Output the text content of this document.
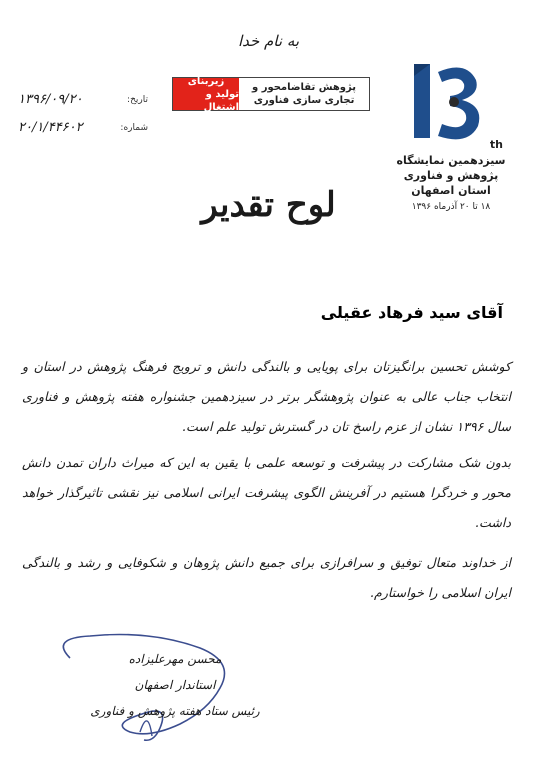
به نام خدا
th
سیزدهمین نمایشگاه
پژوهش و فناوری
استان اصفهان
۱۸ تا ۲۰ آذرماه ۱۳۹۶
زیربنای
تولید و اشتغال
پژوهش تقاضامحور و
تجاری سازی فناوری
تاریخ:
۱۳۹۶/۰۹/۲۰
شماره:
۲۰/۱/۴۴۶۰۲
لوح تقدیر
آقای سید فرهاد عقیلی

کوشش تحسین برانگیزتان برای پویایی و بالندگی دانش و ترویج فرهنگ پژوهش در استان و انتخاب جناب عالی به عنوان پژوهشگر برتر در سیزدهمین جشنواره هفته پژوهش و فناوری سال ۱۳۹۶ نشان از عزم راسخ تان در گسترش تولید علم است.

بدون شک مشارکت در پیشرفت و توسعه علمی با یقین به این که میراث داران تمدن دانش محور و خردگرا هستیم در آفرینش الگوی پیشرفت ایرانی اسلامی نیز نقشی تاثیرگذار خواهد داشت.

از خداوند متعال توفیق و سرافرازی برای جمیع دانش پژوهان و شکوفایی و رشد و بالندگی ایران اسلامی را خواستارم.

محسن مهرعلیزاده
استاندار اصفهان
رئیس ستاد هفته پژوهش و فناوری
